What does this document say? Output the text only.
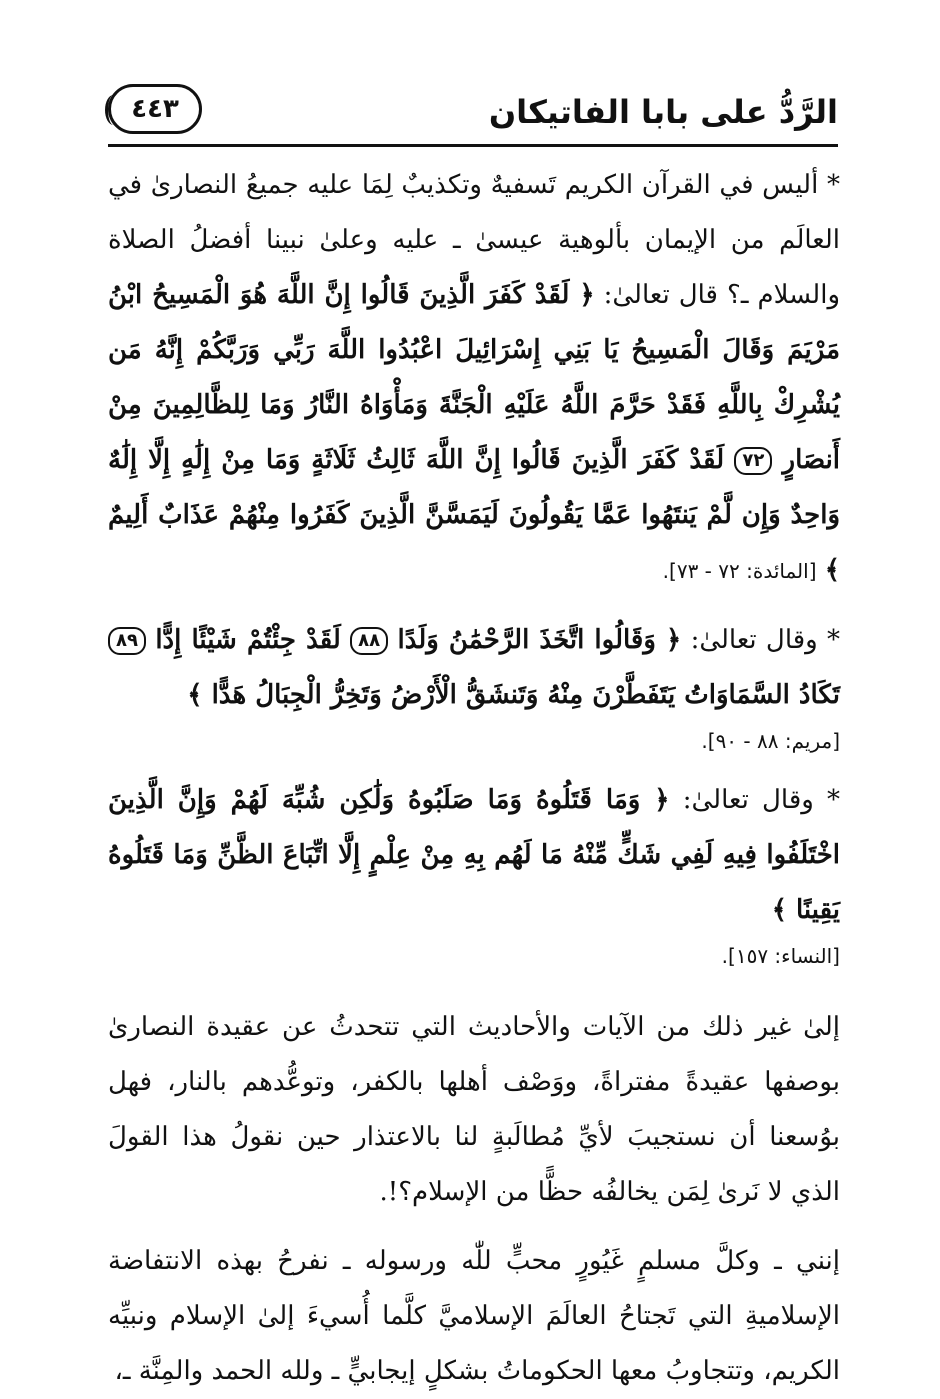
الرَّدُّ على بابا الفاتيكان
٤٤٣

* أليس في القرآن الكريم تَسفيهٌ وتكذيبٌ لِمَا عليه جميعُ النصارىٰ في العالَم من الإيمان بألوهية عيسىٰ ـ عليه وعلىٰ نبينا أفضلُ الصلاة والسلام ـ؟ قال تعالىٰ: ﴿ لَقَدْ كَفَرَ الَّذِينَ قَالُوا إِنَّ اللَّهَ هُوَ الْمَسِيحُ ابْنُ مَرْيَمَ وَقَالَ الْمَسِيحُ يَا بَنِي إِسْرَائِيلَ اعْبُدُوا اللَّهَ رَبِّي وَرَبَّكُمْ إِنَّهُ مَن يُشْرِكْ بِاللَّهِ فَقَدْ حَرَّمَ اللَّهُ عَلَيْهِ الْجَنَّةَ وَمَأْوَاهُ النَّارُ وَمَا لِلظَّالِمِينَ مِنْ أَنصَارٍ ٧٢ لَقَدْ كَفَرَ الَّذِينَ قَالُوا إِنَّ اللَّهَ ثَالِثُ ثَلَاثَةٍ وَمَا مِنْ إِلَٰهٍ إِلَّا إِلَٰهٌ وَاحِدٌ وَإِن لَّمْ يَنتَهُوا عَمَّا يَقُولُونَ لَيَمَسَّنَّ الَّذِينَ كَفَرُوا مِنْهُمْ عَذَابٌ أَلِيمٌ ﴾ [المائدة: ٧٢ - ٧٣].

* وقال تعالىٰ: ﴿ وَقَالُوا اتَّخَذَ الرَّحْمَٰنُ وَلَدًا ٨٨ لَقَدْ جِئْتُمْ شَيْئًا إِدًّا ٨٩ تَكَادُ السَّمَاوَاتُ يَتَفَطَّرْنَ مِنْهُ وَتَنشَقُّ الْأَرْضُ وَتَخِرُّ الْجِبَالُ هَدًّا ﴾

[مريم: ٨٨ - ٩٠].

* وقال تعالىٰ: ﴿ وَمَا قَتَلُوهُ وَمَا صَلَبُوهُ وَلَٰكِن شُبِّهَ لَهُمْ وَإِنَّ الَّذِينَ اخْتَلَفُوا فِيهِ لَفِي شَكٍّ مِّنْهُ مَا لَهُم بِهِ مِنْ عِلْمٍ إِلَّا اتِّبَاعَ الظَّنِّ وَمَا قَتَلُوهُ يَقِينًا ﴾

[النساء: ١٥٧].

إلىٰ غير ذلك من الآيات والأحاديث التي تتحدثُ عن عقيدة النصارىٰ بوصفها عقيدةً مفتراةً، ووَصْف أهلها بالكفر، وتوعُّدهم بالنار، فهل بوُسعنا أن نستجيبَ لأيِّ مُطالَبةٍ لنا بالاعتذار حين نقولُ هذا القولَ الذي لا نَرىٰ لِمَن يخالفُه حظًّا من الإسلام؟!.

إنني ـ وكلَّ مسلمٍ غَيُورٍ محبٍّ للّٰه ورسوله ـ نفرحُ بهذه الانتفاضة الإسلاميةِ التي تَجتاحُ العالَمَ الإسلاميَّ كلَّما أُسيءَ إلىٰ الإسلام ونبيِّه الكريم، وتتجاوبُ معها الحكوماتُ بشكلٍ إيجابيٍّ ـ ولله الحمد والمِنَّة ـ،
